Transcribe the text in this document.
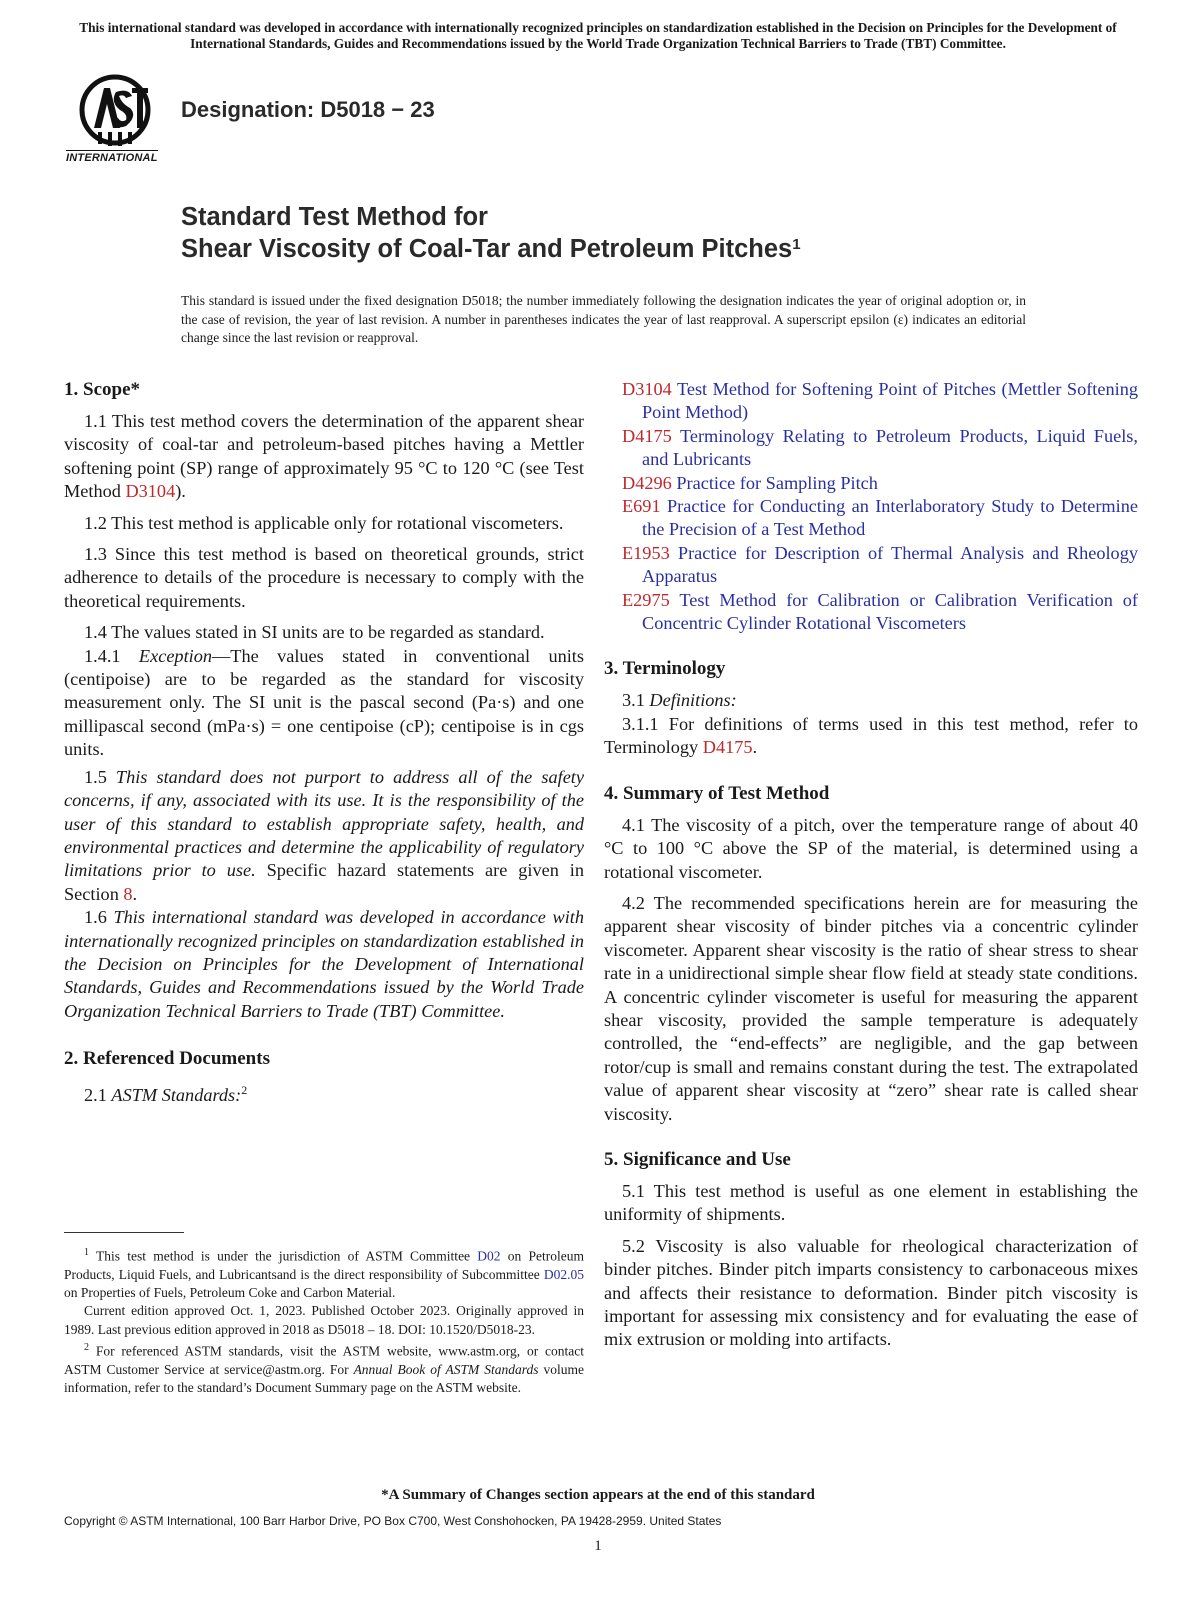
This international standard was developed in accordance with internationally recognized principles on standardization established in the Decision on Principles for the Development of International Standards, Guides and Recommendations issued by the World Trade Organization Technical Barriers to Trade (TBT) Committee.
INTERNATIONAL
Designation: D5018 − 23
Standard Test Method for
Shear Viscosity of Coal-Tar and Petroleum Pitches$^1$
This standard is issued under the fixed designation D5018; the number immediately following the designation indicates the year of original adoption or, in the case of revision, the year of last revision. A number in parentheses indicates the year of last reapproval. A superscript epsilon (ε) indicates an editorial change since the last revision or reapproval.
1. Scope*

1.1 This test method covers the determination of the apparent shear viscosity of coal-tar and petroleum-based pitches having a Mettler softening point (SP) range of approximately 95 °C to 120 °C (see Test Method D3104).

1.2 This test method is applicable only for rotational viscometers.

1.3 Since this test method is based on theoretical grounds, strict adherence to details of the procedure is necessary to comply with the theoretical requirements.

1.4 The values stated in SI units are to be regarded as standard.

1.4.1 Exception—The values stated in conventional units (centipoise) are to be regarded as the standard for viscosity measurement only. The SI unit is the pascal second (Pa·s) and one millipascal second (mPa·s) = one centipoise (cP); centipoise is in cgs units.

1.5 This standard does not purport to address all of the safety concerns, if any, associated with its use. It is the responsibility of the user of this standard to establish appropriate safety, health, and environmental practices and determine the applicability of regulatory limitations prior to use. Specific hazard statements are given in Section 8.

1.6 This international standard was developed in accordance with internationally recognized principles on standardization established in the Decision on Principles for the Development of International Standards, Guides and Recommendations issued by the World Trade Organization Technical Barriers to Trade (TBT) Committee.

2. Referenced Documents

2.1 ASTM Standards:$^2$

$^1$ This test method is under the jurisdiction of ASTM Committee D02 on Petroleum Products, Liquid Fuels, and Lubricantsand is the direct responsibility of Subcommittee D02.05 on Properties of Fuels, Petroleum Coke and Carbon Material.

Current edition approved Oct. 1, 2023. Published October 2023. Originally approved in 1989. Last previous edition approved in 2018 as D5018 – 18. DOI: 10.1520/D5018-23.

$^2$ For referenced ASTM standards, visit the ASTM website, www.astm.org, or contact ASTM Customer Service at service@astm.org. For Annual Book of ASTM Standards volume information, refer to the standard’s Document Summary page on the ASTM website.

D3104 Test Method for Softening Point of Pitches (Mettler Softening Point Method)

D4175 Terminology Relating to Petroleum Products, Liquid Fuels, and Lubricants

D4296 Practice for Sampling Pitch

E691 Practice for Conducting an Interlaboratory Study to Determine the Precision of a Test Method

E1953 Practice for Description of Thermal Analysis and Rheology Apparatus

E2975 Test Method for Calibration or Calibration Verification of Concentric Cylinder Rotational Viscometers

3. Terminology

3.1 Definitions:

3.1.1 For definitions of terms used in this test method, refer to Terminology D4175.

4. Summary of Test Method

4.1 The viscosity of a pitch, over the temperature range of about 40 °C to 100 °C above the SP of the material, is determined using a rotational viscometer.

4.2 The recommended specifications herein are for measuring the apparent shear viscosity of binder pitches via a concentric cylinder viscometer. Apparent shear viscosity is the ratio of shear stress to shear rate in a unidirectional simple shear flow field at steady state conditions. A concentric cylinder viscometer is useful for measuring the apparent shear viscosity, provided the sample temperature is adequately controlled, the “end-effects” are negligible, and the gap between rotor/cup is small and remains constant during the test. The extrapolated value of apparent shear viscosity at “zero” shear rate is called shear viscosity.

5. Significance and Use

5.1 This test method is useful as one element in establishing the uniformity of shipments.

5.2 Viscosity is also valuable for rheological characterization of binder pitches. Binder pitch imparts consistency to carbonaceous mixes and affects their resistance to deformation. Binder pitch viscosity is important for assessing mix consistency and for evaluating the ease of mix extrusion or molding into artifacts.

*A Summary of Changes section appears at the end of this standard
Copyright © ASTM International, 100 Barr Harbor Drive, PO Box C700, West Conshohocken, PA 19428-2959. United States
1
